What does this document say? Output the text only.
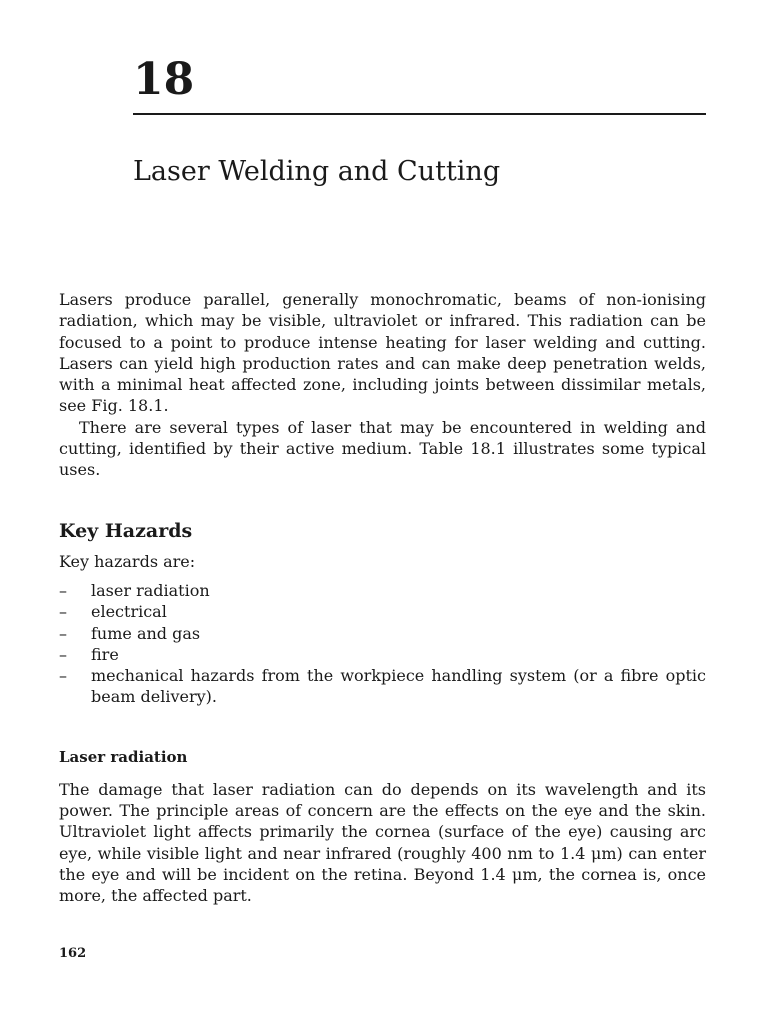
18
Laser Welding and Cutting

Lasers produce parallel, generally monochromatic, beams of non-ionising radiation, which may be visible, ultraviolet or infrared. This radiation can be focused to a point to produce intense heating for laser welding and cutting. Lasers can yield high production rates and can make deep penetration welds, with a minimal heat affected zone, including joints between dissimilar metals, see Fig. 18.1.

There are several types of laser that may be encountered in welding and cutting, identified by their active medium. Table 18.1 illustrates some typical uses.

Key Hazards

Key hazards are:

– laser radiation
– electrical
– fume and gas
– fire
– mechanical hazards from the workpiece handling system (or a fibre optic beam delivery).
Laser radiation

The damage that laser radiation can do depends on its wavelength and its power. The principle areas of concern are the effects on the eye and the skin. Ultraviolet light affects primarily the cornea (surface of the eye) causing arc eye, while visible light and near infrared (roughly 400 nm to 1.4 μm) can enter the eye and will be incident on the retina. Beyond 1.4 μm, the cornea is, once more, the affected part.

162
